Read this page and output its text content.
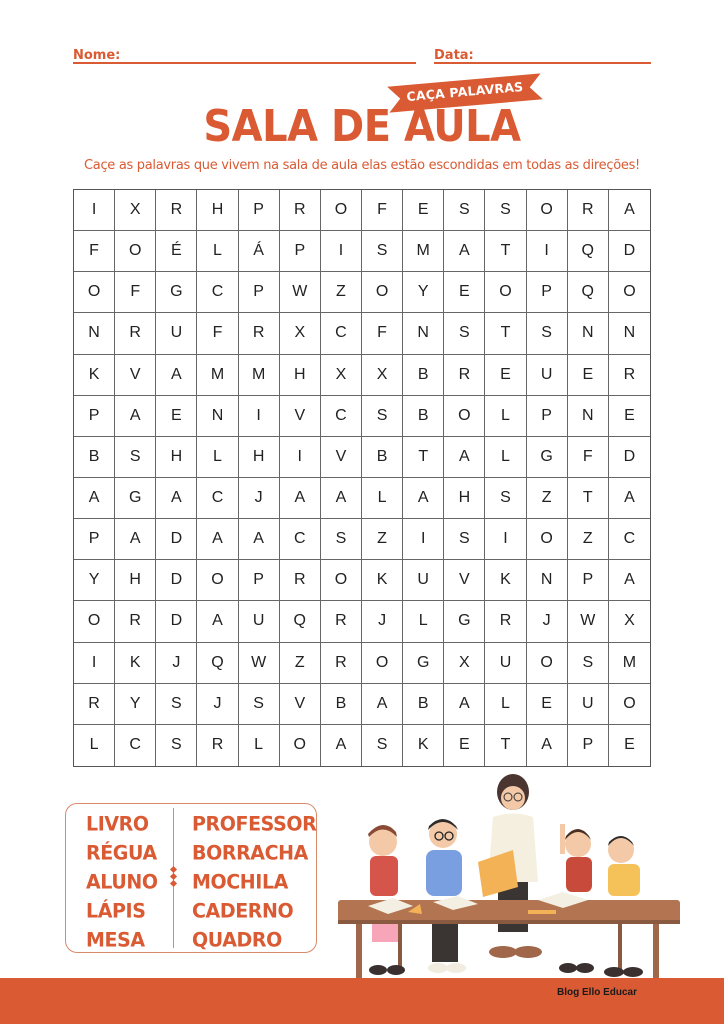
Nome:	Data:
CAÇA PALAVRAS
SALA DE AULA
Caçe as palavras que vivem na sala de aula elas estão escondidas em todas as direções!
I	X	R	H	P	R	O	F	E	S	S	O	R	A
F	O	É	L	Á	P	I	S	M	A	T	I	Q	D
O	F	G	C	P	W	Z	O	Y	E	O	P	Q	O
N	R	U	F	R	X	C	F	N	S	T	S	N	N
K	V	A	M	M	H	X	X	B	R	E	U	E	R
P	A	E	N	I	V	C	S	B	O	L	P	N	E
B	S	H	L	H	I	V	B	T	A	L	G	F	D
A	G	A	C	J	A	A	L	A	H	S	Z	T	A
P	A	D	A	A	C	S	Z	I	S	I	O	Z	C
Y	H	D	O	P	R	O	K	U	V	K	N	P	A
O	R	D	A	U	Q	R	J	L	G	R	J	W	X
I	K	J	Q	W	Z	R	O	G	X	U	O	S	M
R	Y	S	J	S	V	B	A	B	A	L	E	U	O
L	C	S	R	L	O	A	S	K	E	T	A	P	E
LIVRO
RÉGUA
ALUNO
LÁPIS
MESA
PROFESSOR
BORRACHA
MOCHILA
CADERNO
QUADRO
Blog Ello Educar
